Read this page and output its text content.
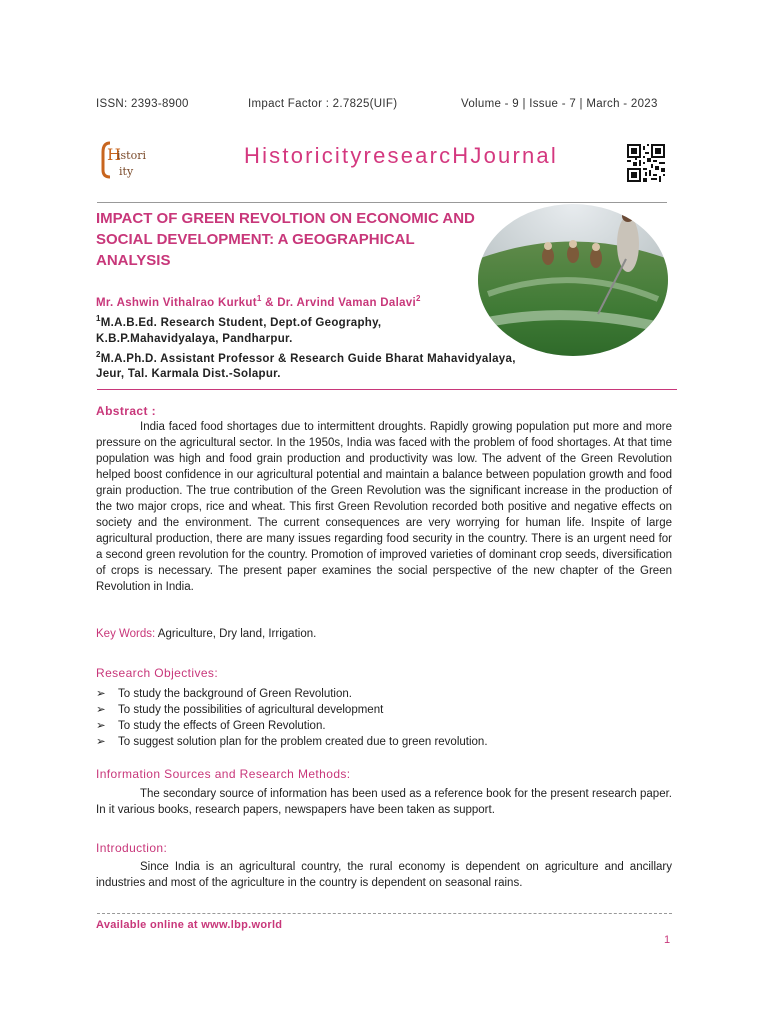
ISSN: 2393-8900	Impact Factor : 2.7825(UIF)	Volume - 9 | Issue - 7 | March - 2023
H
istori
ity
HistoricityresearcHJournal
IMPACT OF GREEN REVOLTION ON ECONOMIC AND SOCIAL DEVELOPMENT: A GEOGRAPHICAL ANALYSIS
Mr. Ashwin Vithalrao Kurkut$^1$ & Dr. Arvind Vaman Dalavi$^2$
$^1$M.A.B.Ed. Research Student, Dept.of Geography,
K.B.P.Mahavidyalaya, Pandharpur.
$^2$M.A.Ph.D. Assistant Professor & Research Guide Bharat Mahavidyalaya,
Jeur, Tal. Karmala Dist.-Solapur.
Abstract :

India faced food shortages due to intermittent droughts. Rapidly growing population put more and more pressure on the agricultural sector. In the 1950s, India was faced with the problem of food shortages. At that time population was high and food grain production and productivity was low. The advent of the Green Revolution helped boost confidence in our agricultural potential and maintain a balance between population growth and food grain production. The true contribution of the Green Revolution was the significant increase in the production of the two major crops, rice and wheat. This first Green Revolution recorded both positive and negative effects on society and the environment. The current consequences are very worrying for human life. Inspite of large agricultural production, there are many issues regarding food security in the country. There is an urgent need for a second green revolution for the country. Promotion of improved varieties of dominant crop seeds, diversification of crops is necessary. The present paper examines the social perspective of the new chapter of the Green Revolution in India.

Key Words: Agriculture, Dry land, Irrigation.
Research Objectives:
➢ To study the background of Green Revolution.
➢ To study the possibilities of agricultural development
➢ To study the effects of Green Revolution.
➢ To suggest solution plan for the problem created due to green revolution.
Information Sources and Research Methods:

The secondary source of information has been used as a reference book for the present research paper. In it various books, research papers, newspapers have been taken as support.

Introduction:

Since India is an agricultural country, the rural economy is dependent on agriculture and ancillary industries and most of the agriculture in the country is dependent on seasonal rains.

Available online at www.lbp.world
1
